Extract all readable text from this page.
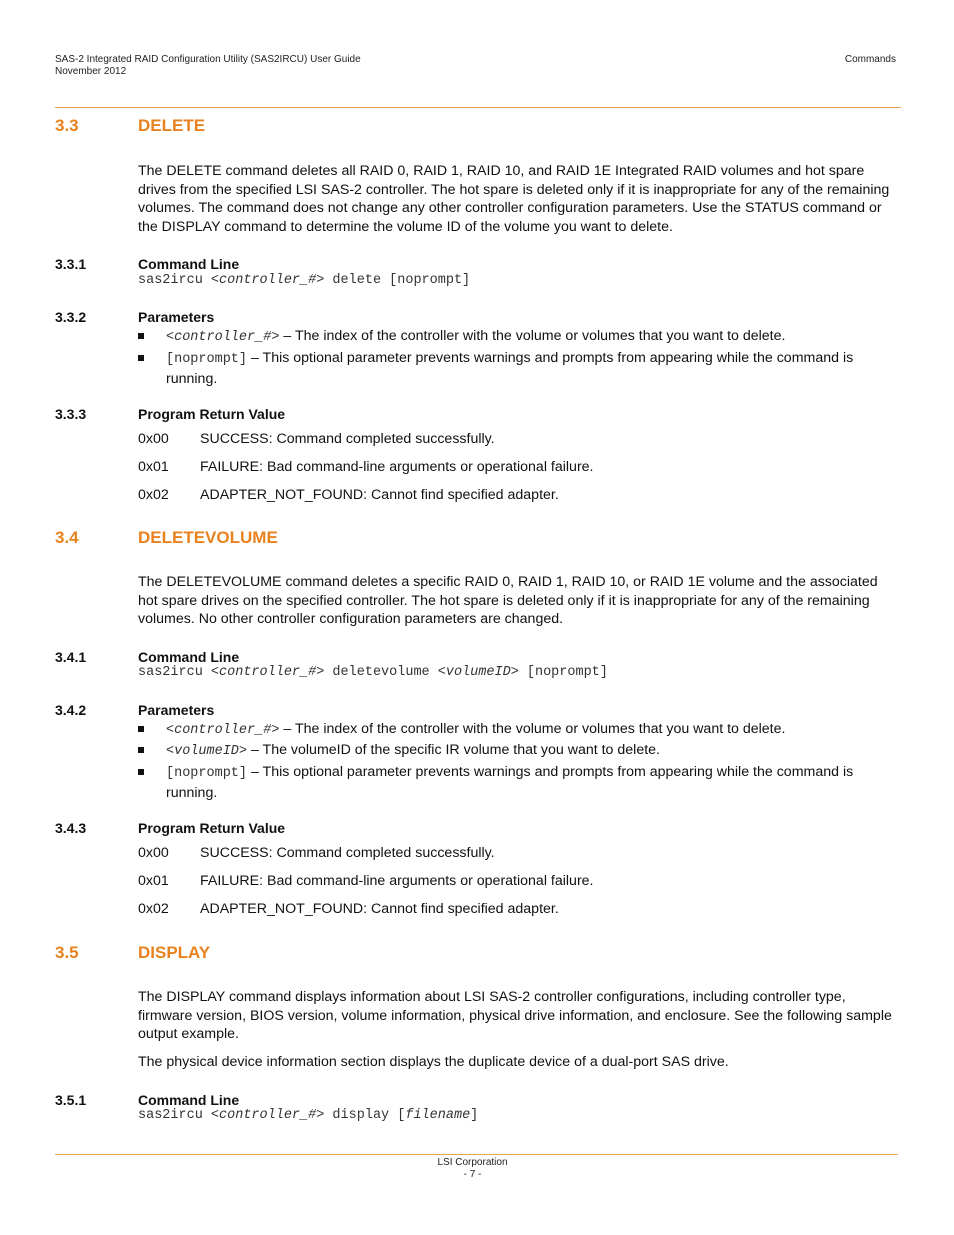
SAS-2 Integrated RAID Configuration Utility (SAS2IRCU) User Guide
November 2012
Commands
3.3	DELETE
The DELETE command deletes all RAID 0, RAID 1, RAID 10, and RAID 1E Integrated RAID volumes and hot spare drives from the specified LSI SAS-2 controller. The hot spare is deleted only if it is inappropriate for any of the remaining volumes. The command does not change any other controller configuration parameters. Use the STATUS command or the DISPLAY command to determine the volume ID of the volume you want to delete.
3.3.1	Command Line
sas2ircu <controller_#> delete [noprompt]
3.3.2	Parameters
<controller_#> – The index of the controller with the volume or volumes that you want to delete.
[noprompt] – This optional parameter prevents warnings and prompts from appearing while the command is running.
3.3.3	Program Return Value
0x00 SUCCESS: Command completed successfully.
0x01 FAILURE: Bad command-line arguments or operational failure.
0x02 ADAPTER_NOT_FOUND: Cannot find specified adapter.
3.4	DELETEVOLUME
The DELETEVOLUME command deletes a specific RAID 0, RAID 1, RAID 10, or RAID 1E volume and the associated hot spare drives on the specified controller. The hot spare is deleted only if it is inappropriate for any of the remaining volumes. No other controller configuration parameters are changed.
3.4.1	Command Line
sas2ircu <controller_#> deletevolume <volumeID> [noprompt]
3.4.2	Parameters
<controller_#> – The index of the controller with the volume or volumes that you want to delete.
<volumeID> – The volumeID of the specific IR volume that you want to delete.
[noprompt] – This optional parameter prevents warnings and prompts from appearing while the command is running.
3.4.3	Program Return Value
0x00 SUCCESS: Command completed successfully.
0x01 FAILURE: Bad command-line arguments or operational failure.
0x02 ADAPTER_NOT_FOUND: Cannot find specified adapter.
3.5	DISPLAY
The DISPLAY command displays information about LSI SAS-2 controller configurations, including controller type, firmware version, BIOS version, volume information, physical drive information, and enclosure. See the following sample output example.
The physical device information section displays the duplicate device of a dual-port SAS drive.
3.5.1	Command Line
sas2ircu <controller_#> display [filename]
LSI Corporation
- 7 -
